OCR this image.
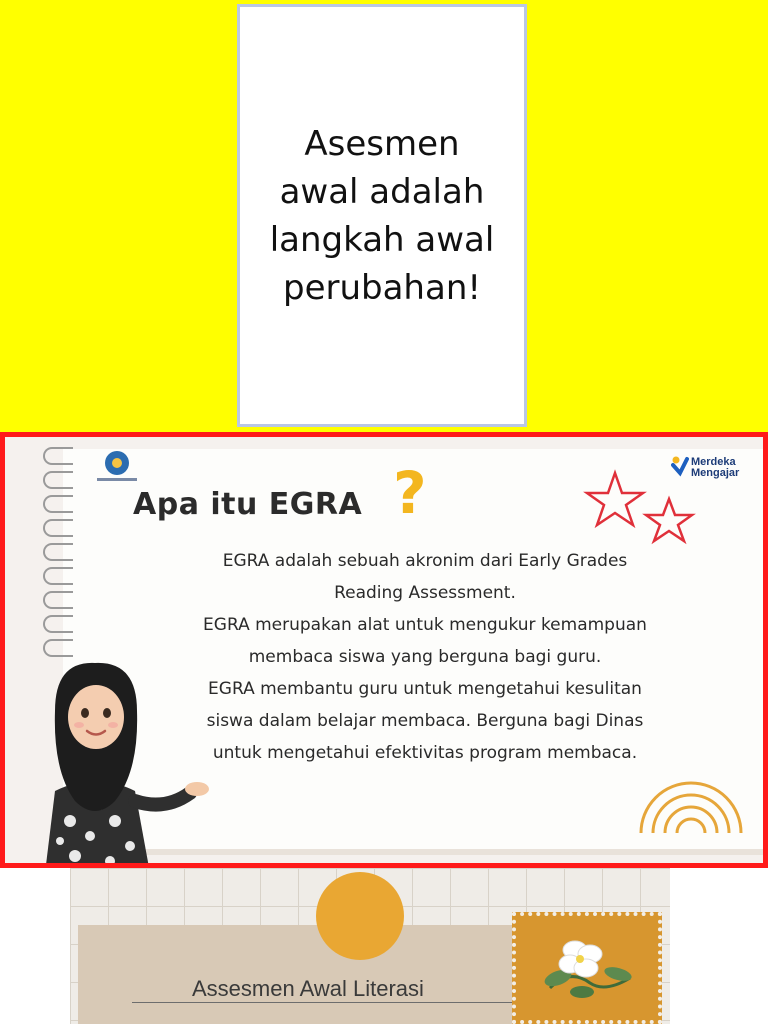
Asesmen
awal adalah
langkah awal
perubahan!
Merdeka
Mengajar
Apa itu EGRA ?
EGRA adalah sebuah akronim dari Early Grades
Reading Assessment.
EGRA merupakan alat untuk mengukur kemampuan
membaca siswa yang berguna bagi guru.
EGRA membantu guru untuk mengetahui kesulitan
siswa dalam belajar membaca. Berguna bagi Dinas
untuk mengetahui efektivitas program membaca.
Assesmen Awal Literasi
